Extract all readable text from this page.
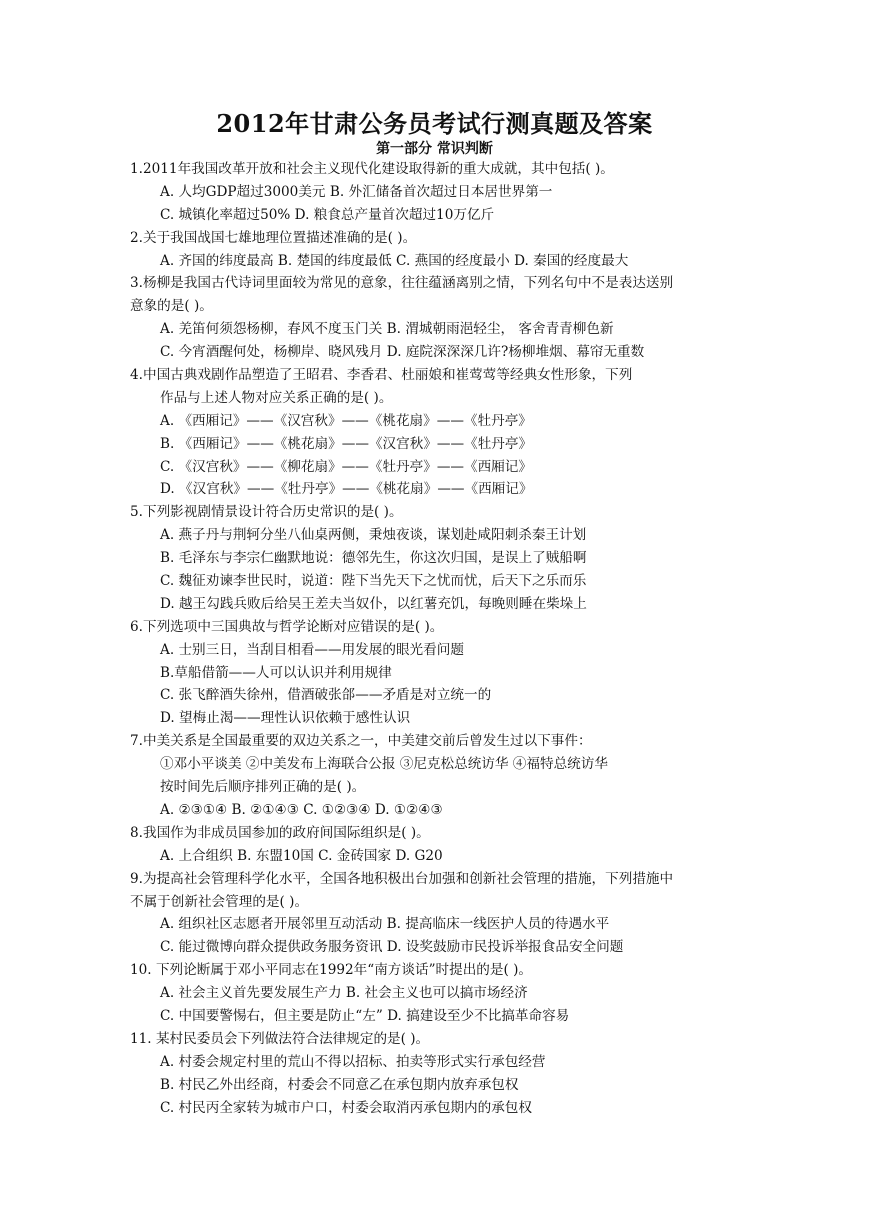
2012年甘肃公务员考试行测真题及答案
第一部分 常识判断
1.2011年我国改革开放和社会主义现代化建设取得新的重大成就，其中包括( )。
A. 人均GDP超过3000美元 B. 外汇储备首次超过日本居世界第一
C. 城镇化率超过50% D. 粮食总产量首次超过10万亿斤
2.关于我国战国七雄地理位置描述准确的是( )。
A. 齐国的纬度最高 B. 楚国的纬度最低 C. 燕国的经度最小 D. 秦国的经度最大
3.杨柳是我国古代诗词里面较为常见的意象，往往蕴涵离别之情，下列名句中不是表达送别
意象的是( )。
A. 羌笛何须怨杨柳，春风不度玉门关 B. 渭城朝雨浥轻尘， 客舍青青柳色新
C. 今宵酒醒何处，杨柳岸、晓风残月 D. 庭院深深深几许?杨柳堆烟、幕帘无重数
4.中国古典戏剧作品塑造了王昭君、李香君、杜丽娘和崔莺莺等经典女性形象，下列
作品与上述人物对应关系正确的是( )。
A. 《西厢记》——《汉宫秋》——《桃花扇》——《牡丹亭》
B. 《西厢记》——《桃花扇》——《汉宫秋》——《牡丹亭》
C. 《汉宫秋》——《柳花扇》——《牡丹亭》——《西厢记》
D. 《汉宫秋》——《牡丹亭》——《桃花扇》——《西厢记》
5.下列影视剧情景设计符合历史常识的是( )。
A. 燕子丹与荆轲分坐八仙桌两侧，秉烛夜谈，谋划赴咸阳刺杀秦王计划
B. 毛泽东与李宗仁幽默地说：德邻先生，你这次归国，是误上了贼船啊
C. 魏征劝谏李世民时，说道：陛下当先天下之忧而忧，后天下之乐而乐
D. 越王勾践兵败后给吴王差夫当奴仆，以红薯充饥，每晚则睡在柴垛上
6.下列选项中三国典故与哲学论断对应错误的是( )。
A. 士别三日，当刮目相看——用发展的眼光看问题
B.草船借箭——人可以认识并利用规律
C. 张飞醉酒失徐州，借酒破张郃——矛盾是对立统一的
D. 望梅止渴——理性认识依赖于感性认识
7.中美关系是全国最重要的双边关系之一，中美建交前后曾发生过以下事件：
①邓小平谈美 ②中美发布上海联合公报 ③尼克松总统访华 ④福特总统访华
按时间先后顺序排列正确的是( )。
A. ②③①④ B. ②①④③ C. ①②③④ D. ①②④③
8.我国作为非成员国参加的政府间国际组织是( )。
A. 上合组织 B. 东盟10国 C. 金砖国家 D. G20
9.为提高社会管理科学化水平，全国各地积极出台加强和创新社会管理的措施，下列措施中
不属于创新社会管理的是( )。
A. 组织社区志愿者开展邻里互动活动 B. 提高临床一线医护人员的待遇水平
C. 能过微博向群众提供政务服务资讯 D. 设奖鼓励市民投诉举报食品安全问题
10. 下列论断属于邓小平同志在1992年“南方谈话”时提出的是( )。
A. 社会主义首先要发展生产力 B. 社会主义也可以搞市场经济
C. 中国要警惕右，但主要是防止“左” D. 搞建设至少不比搞革命容易
11. 某村民委员会下列做法符合法律规定的是( )。
A. 村委会规定村里的荒山不得以招标、拍卖等形式实行承包经营
B. 村民乙外出经商，村委会不同意乙在承包期内放弃承包权
C. 村民丙全家转为城市户口，村委会取消丙承包期内的承包权
